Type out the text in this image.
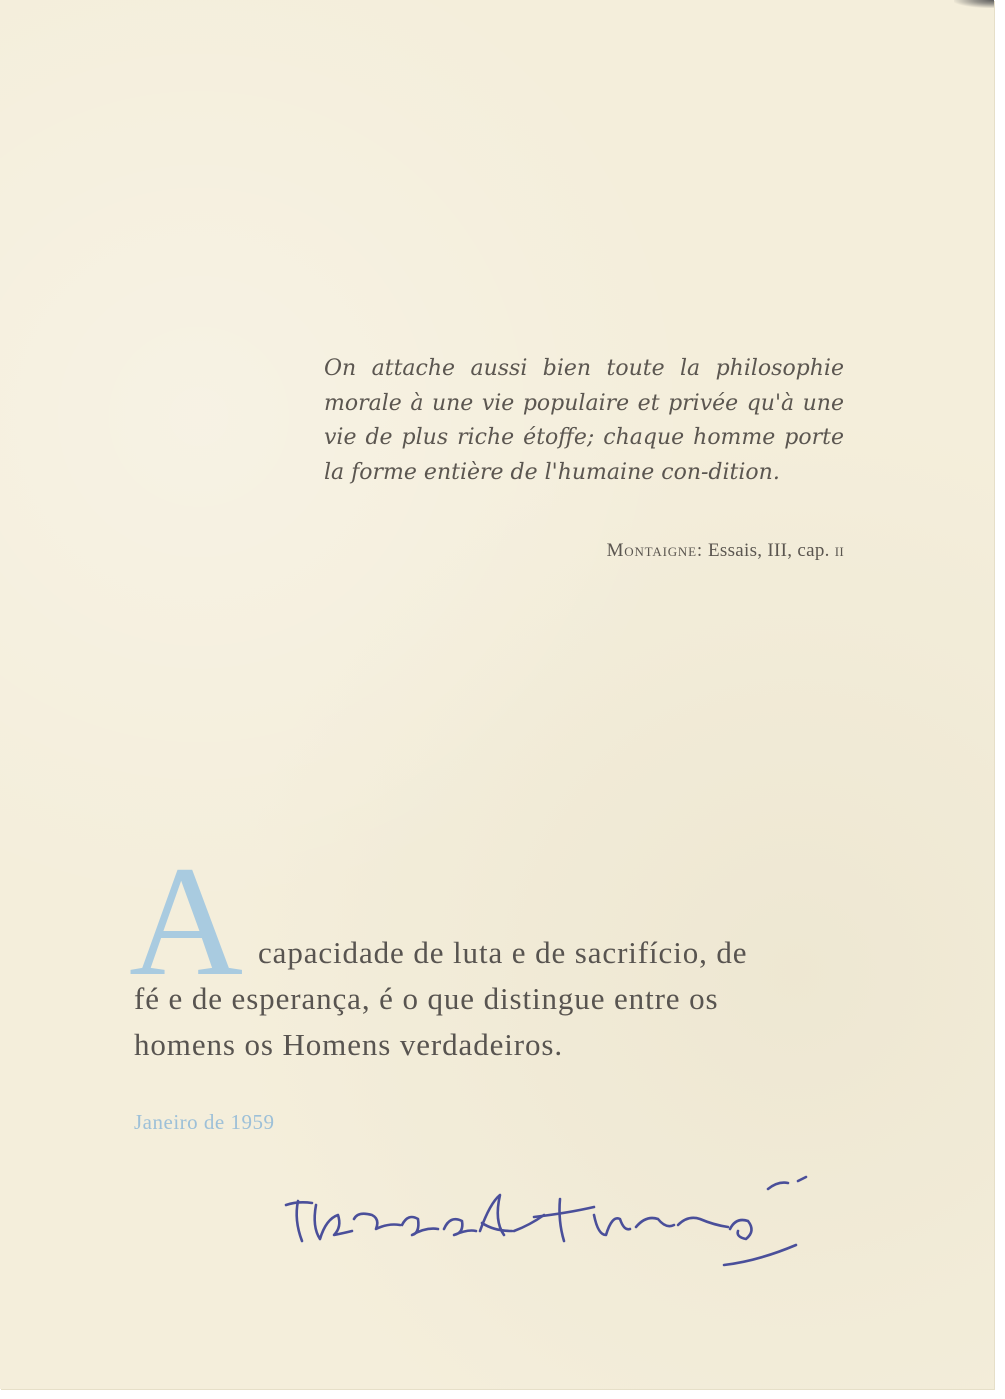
On attache aussi bien toute la philosophie morale à une vie populaire et privée qu'à une vie de plus riche étoffe; chaque homme porte la forme entière de l'humaine con-dition.

Montaigne: Essais, III, cap. ii
A capacidade de luta e de sacrifício, de
fé e de esperança, é o que distingue entre os
homens os Homens verdadeiros.
Janeiro de 1959
